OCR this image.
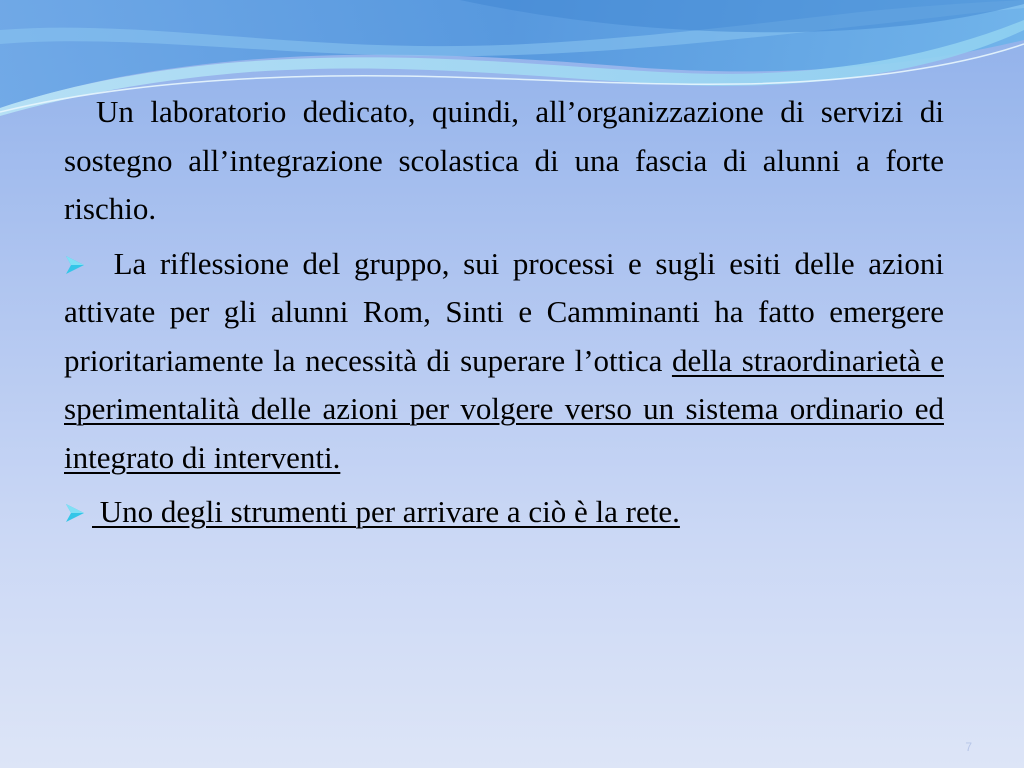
Un laboratorio dedicato, quindi, all’organizzazione di servizi di sostegno all’integrazione scolastica di una fascia di alunni a forte rischio.

La riflessione del gruppo, sui processi e sugli esiti delle azioni attivate per gli alunni Rom, Sinti e Camminanti ha fatto emergere prioritariamente la necessità di superare l’ottica della straordinarietà e sperimentalità delle azioni per volgere verso un sistema ordinario ed integrato di interventi.

Uno degli strumenti per arrivare a ciò è la rete.

7
